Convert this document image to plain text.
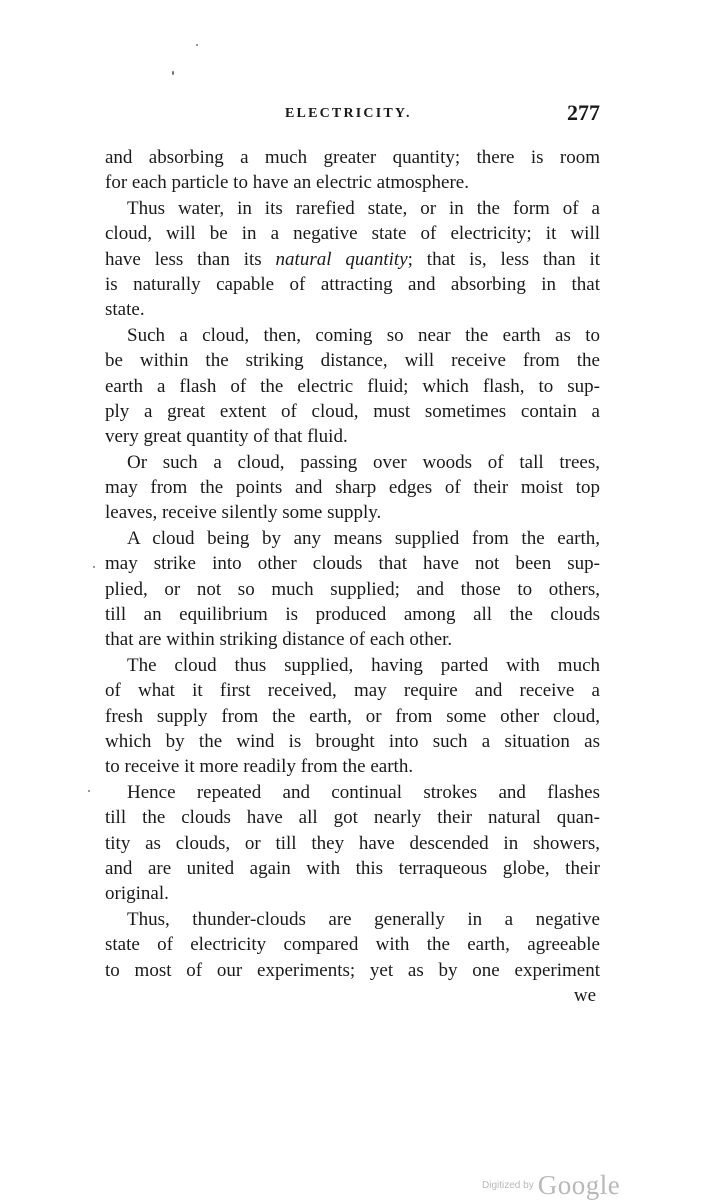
ELECTRICITY.	277
and absorbing a much greater quantity; there is room
for each particle to have an electric atmosphere.
Thus water, in its rarefied state, or in the form of a
cloud, will be in a negative state of electricity; it will
have less than its natural quantity; that is, less than it
is naturally capable of attracting and absorbing in that
state.
Such a cloud, then, coming so near the earth as to
be within the striking distance, will receive from the
earth a flash of the electric fluid; which flash, to sup-
ply a great extent of cloud, must sometimes contain a
very great quantity of that fluid.
Or such a cloud, passing over woods of tall trees,
may from the points and sharp edges of their moist top
leaves, receive silently some supply.
A cloud being by any means supplied from the earth,
may strike into other clouds that have not been sup-
plied, or not so much supplied; and those to others,
till an equilibrium is produced among all the clouds
that are within striking distance of each other.
The cloud thus supplied, having parted with much
of what it first received, may require and receive a
fresh supply from the earth, or from some other cloud,
which by the wind is brought into such a situation as
to receive it more readily from the earth.
Hence repeated and continual strokes and flashes
till the clouds have all got nearly their natural quan-
tity as clouds, or till they have descended in showers,
and are united again with this terraqueous globe, their
original.
Thus, thunder-clouds are generally in a negative
state of electricity compared with the earth, agreeable
to most of our experiments; yet as by one experiment
we
Digitized by Google
